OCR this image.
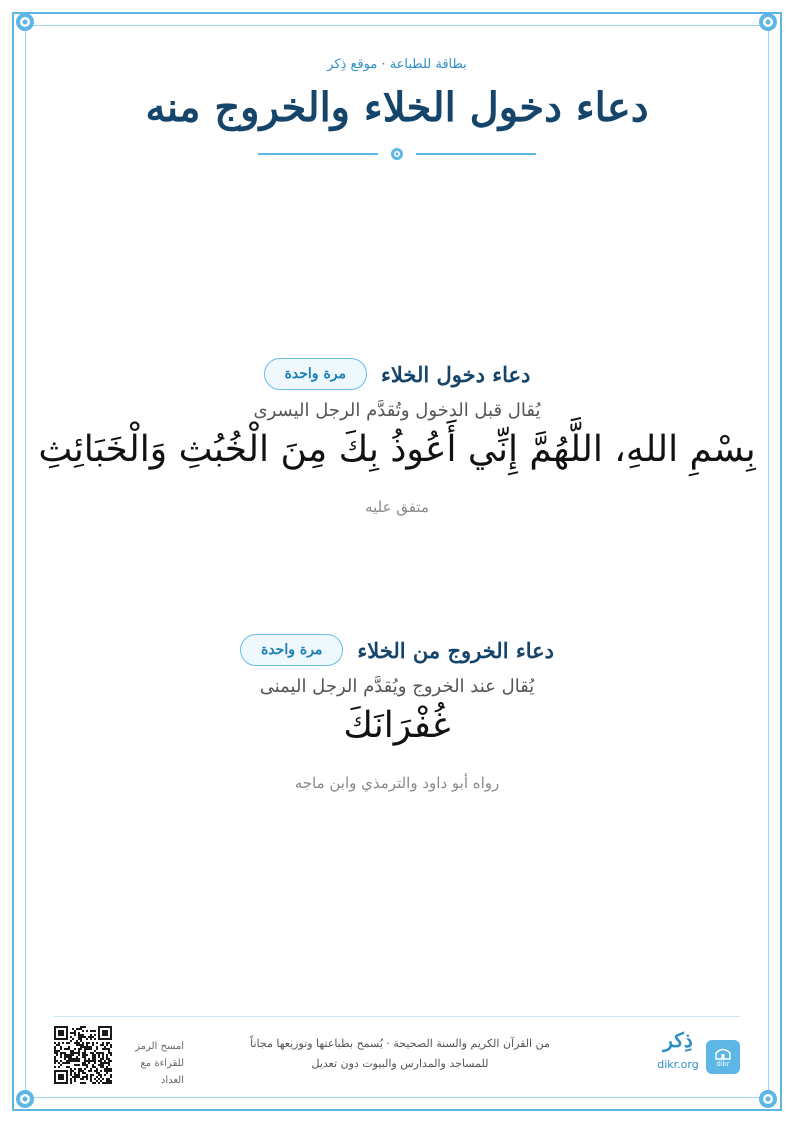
بطاقة للطباعة · موقع ذِكر
دعاء دخول الخلاء والخروج منه
دعاء دخول الخلاء
مرة واحدة
يُقال قبل الدخول وتُقدَّم الرجل اليسرى
بِسْمِ اللهِ، اللَّهُمَّ إِنِّي أَعُوذُ بِكَ مِنَ الْخُبُثِ وَالْخَبَائِثِ
متفق عليه
دعاء الخروج من الخلاء
مرة واحدة
يُقال عند الخروج ويُقدَّم الرجل اليمنى
غُفْرَانَكَ
رواه أبو داود والترمذي وابن ماجه
امسح الرمز
للقراءة مع العداد
من القرآن الكريم والسنة الصحيحة · يُسمح بطباعتها وتوزيعها مجاناً
للمساجد والمدارس والبيوت دون تعديل
ذِكر
dikr.org	dikr
